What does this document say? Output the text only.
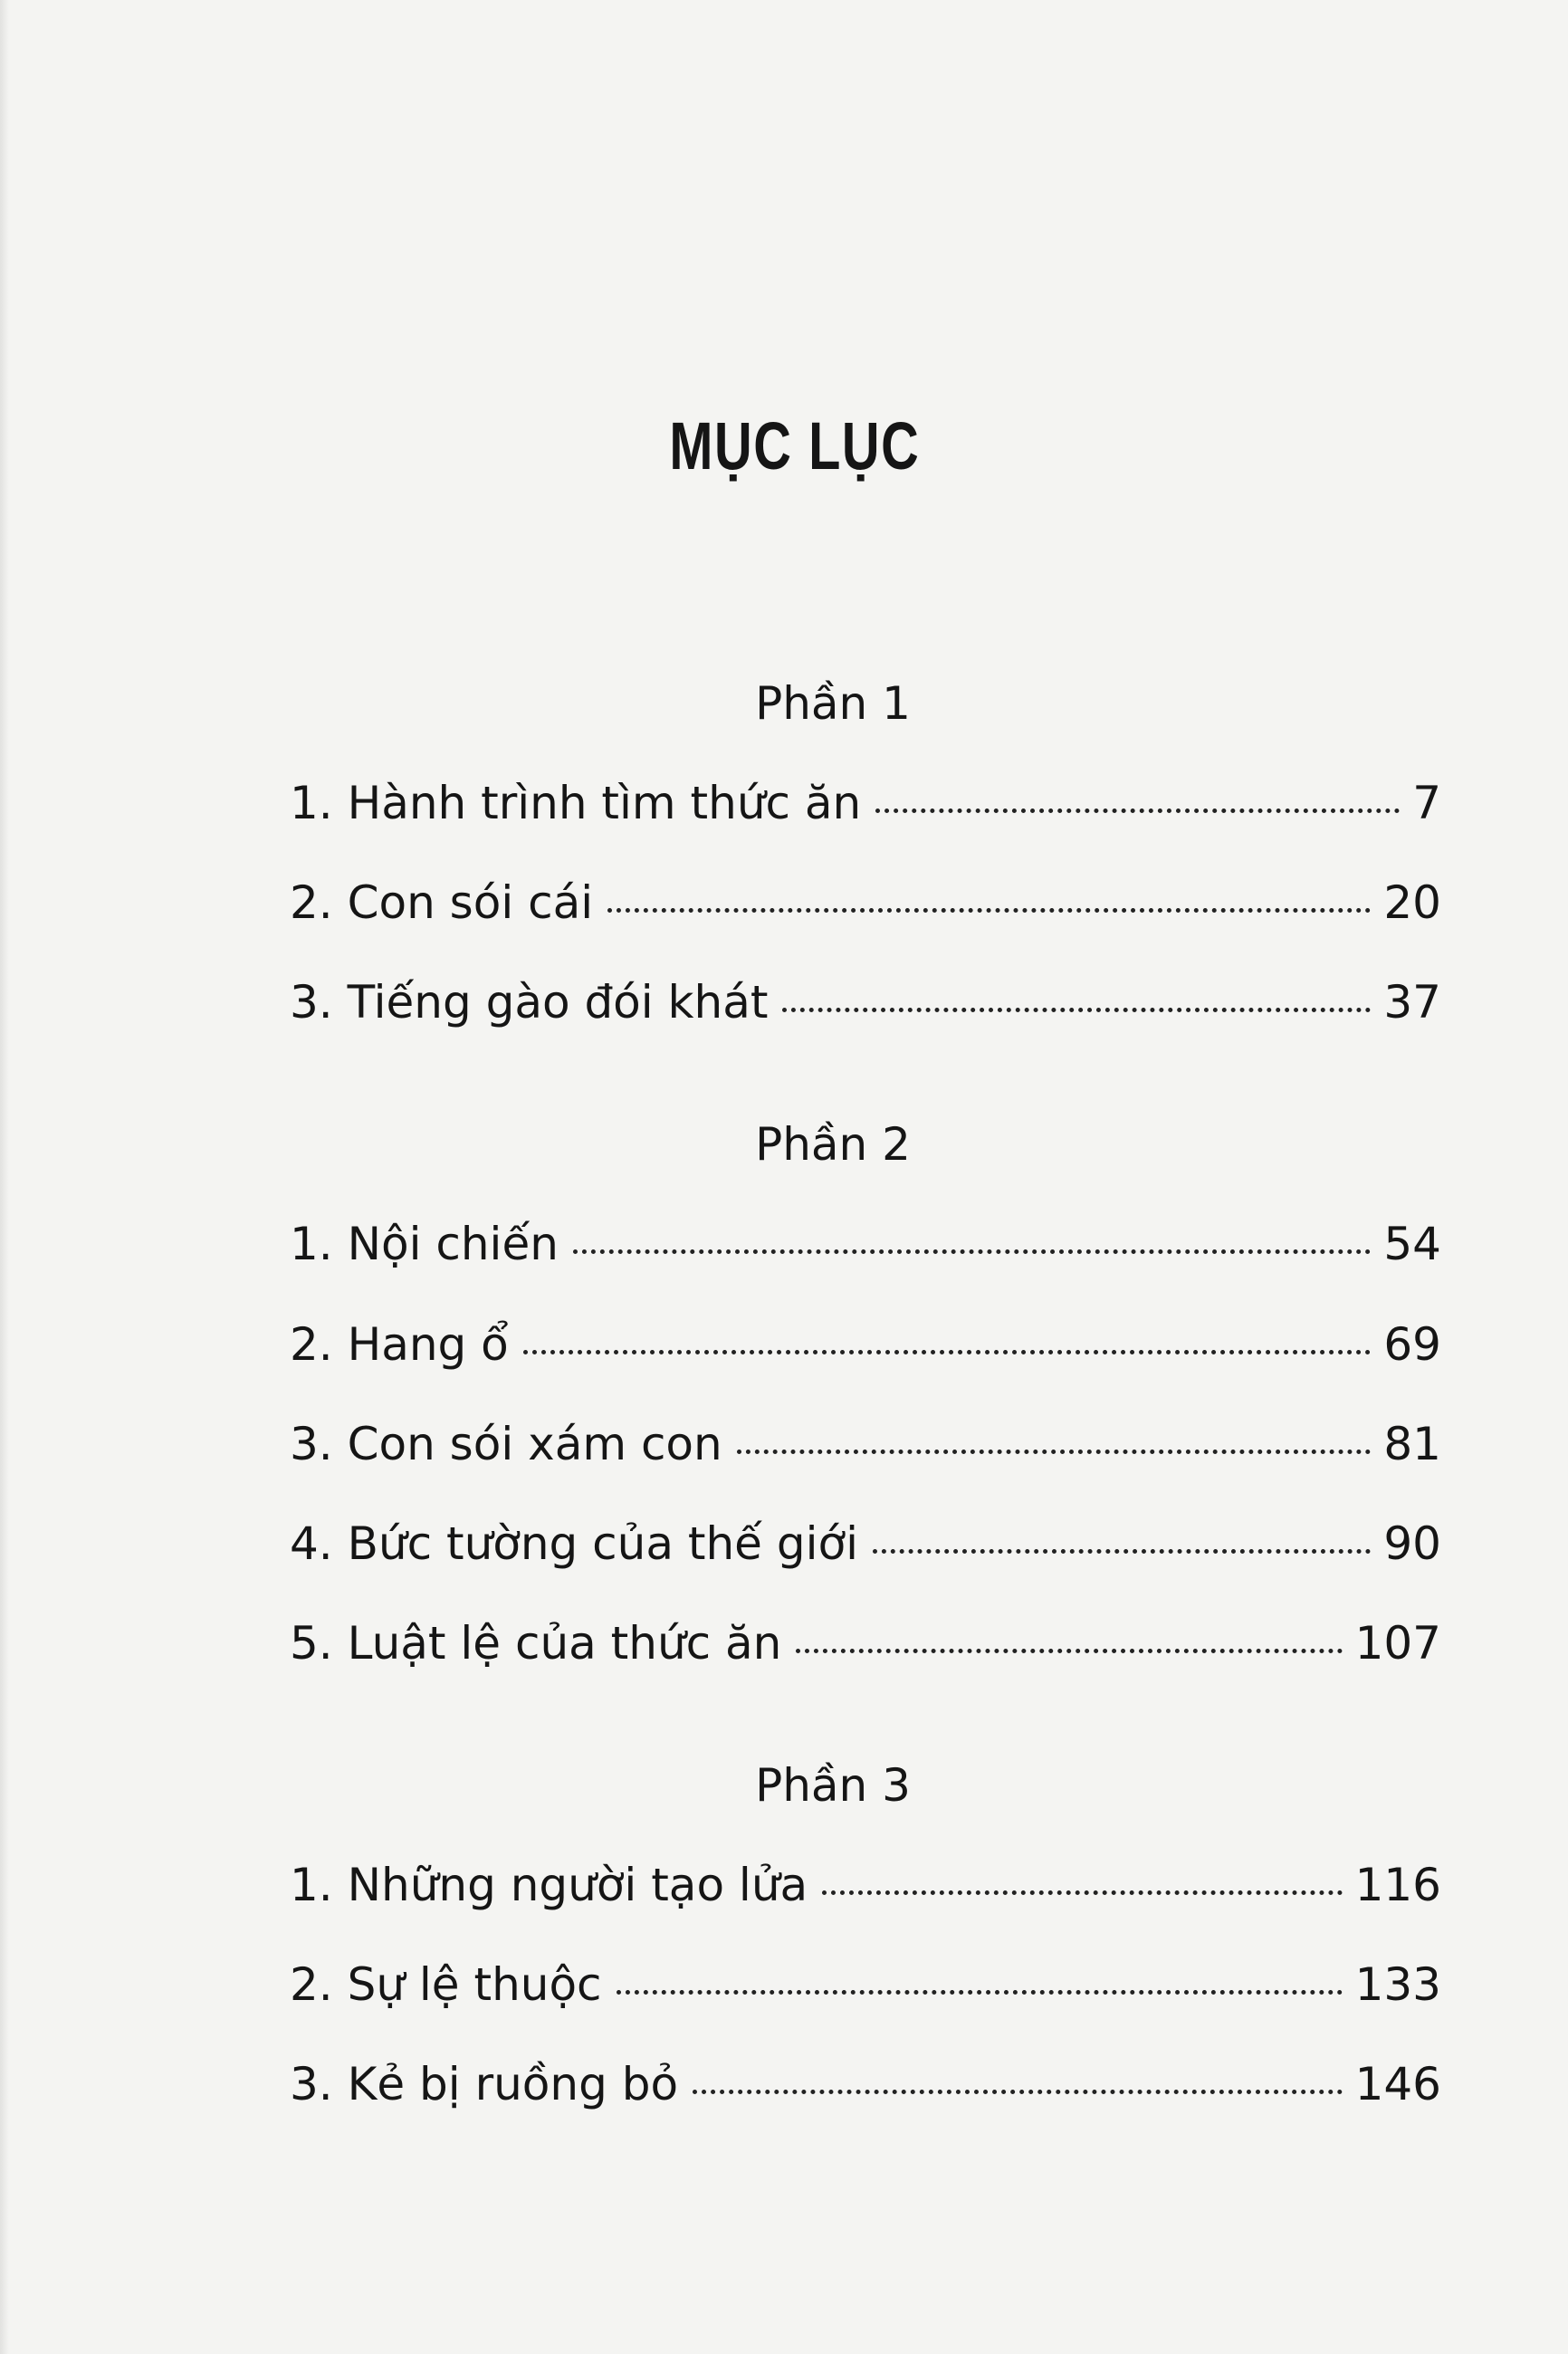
MỤC LỤC
Phần 1
1. Hành trình tìm thức ăn	7
2. Con sói cái	20
3. Tiếng gào đói khát	37
Phần 2
1. Nội chiến	54
2. Hang ổ	69
3. Con sói xám con	81
4. Bức tường của thế giới	90
5. Luật lệ của thức ăn	107
Phần 3
1. Những người tạo lửa	116
2. Sự lệ thuộc	133
3. Kẻ bị ruồng bỏ	146
